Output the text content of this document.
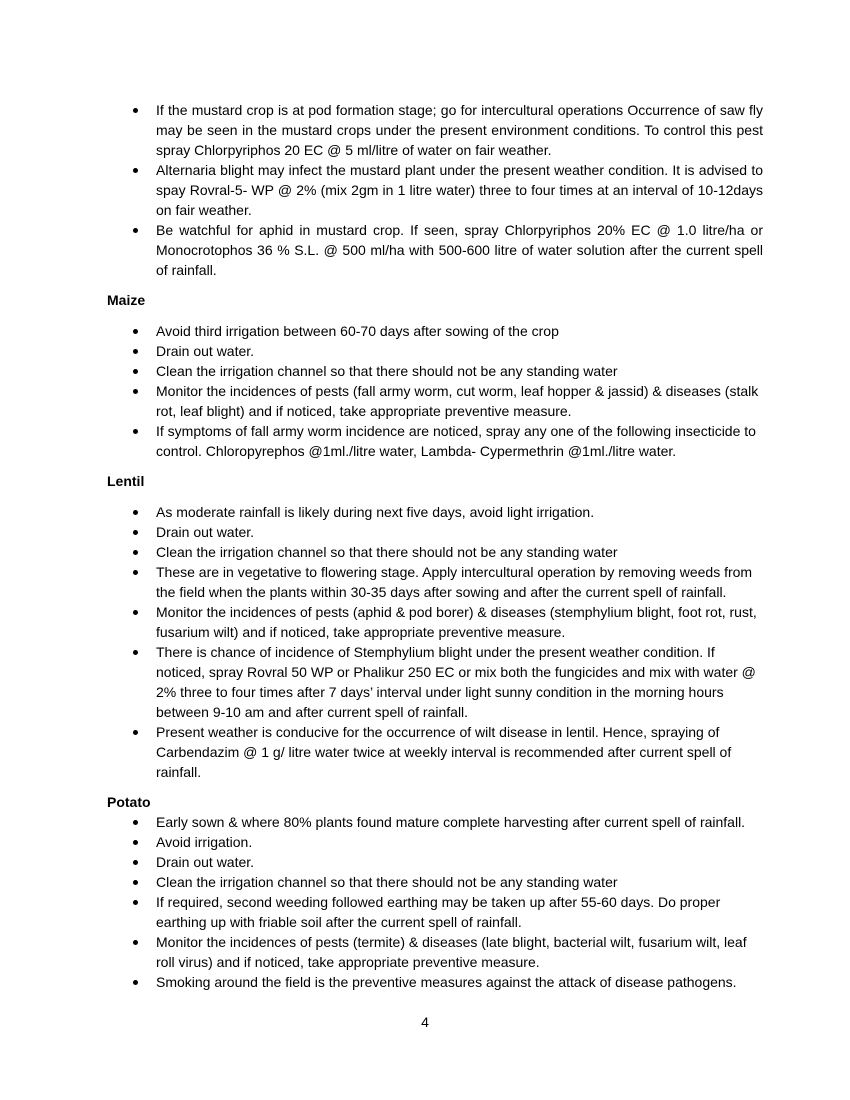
If the mustard crop is at pod formation stage; go for intercultural operations Occurrence of saw fly may be seen in the mustard crops under the present environment conditions. To control this pest spray Chlorpyriphos 20 EC @ 5 ml/litre of water on fair weather.
Alternaria blight may infect the mustard plant under the present weather condition. It is advised to spay Rovral-5- WP @ 2% (mix 2gm in 1 litre water) three to four times at an interval of 10-12days on fair weather.
Be watchful for aphid in mustard crop. If seen, spray Chlorpyriphos 20% EC @ 1.0 litre/ha or Monocrotophos 36 % S.L. @ 500 ml/ha with 500-600 litre of water solution after the current spell of rainfall.

Maize

Avoid third irrigation between 60-70 days after sowing of the crop
Drain out water.
Clean the irrigation channel so that there should not be any standing water
Monitor the incidences of pests (fall army worm, cut worm, leaf hopper & jassid) & diseases (stalk rot, leaf blight) and if noticed, take appropriate preventive measure.
If symptoms of fall army worm incidence are noticed, spray any one of the following insecticide to control. Chloropyrephos @1ml./litre water, Lambda- Cypermethrin @1ml./litre water.

Lentil

As moderate rainfall is likely during next five days, avoid light irrigation.
Drain out water.
Clean the irrigation channel so that there should not be any standing water
These are in vegetative to flowering stage. Apply intercultural operation by removing weeds from the field when the plants within 30-35 days after sowing and after the current spell of rainfall.
Monitor the incidences of pests (aphid & pod borer) & diseases (stemphylium blight, foot rot, rust, fusarium wilt) and if noticed, take appropriate preventive measure.
There is chance of incidence of Stemphylium blight under the present weather condition. If noticed, spray Rovral 50 WP or Phalikur 250 EC or mix both the fungicides and mix with water @ 2% three to four times after 7 days’ interval under light sunny condition in the morning hours between 9-10 am and after current spell of rainfall.
Present weather is conducive for the occurrence of wilt disease in lentil. Hence, spraying of Carbendazim @ 1 g/ litre water twice at weekly interval is recommended after current spell of rainfall.

Potato

Early sown & where 80% plants found mature complete harvesting after current spell of rainfall.
Avoid irrigation.
Drain out water.
Clean the irrigation channel so that there should not be any standing water
If required, second weeding followed earthing may be taken up after 55-60 days. Do proper earthing up with friable soil after the current spell of rainfall.
Monitor the incidences of pests (termite) & diseases (late blight, bacterial wilt, fusarium wilt, leaf roll virus) and if noticed, take appropriate preventive measure.
Smoking around the field is the preventive measures against the attack of disease pathogens.
4
